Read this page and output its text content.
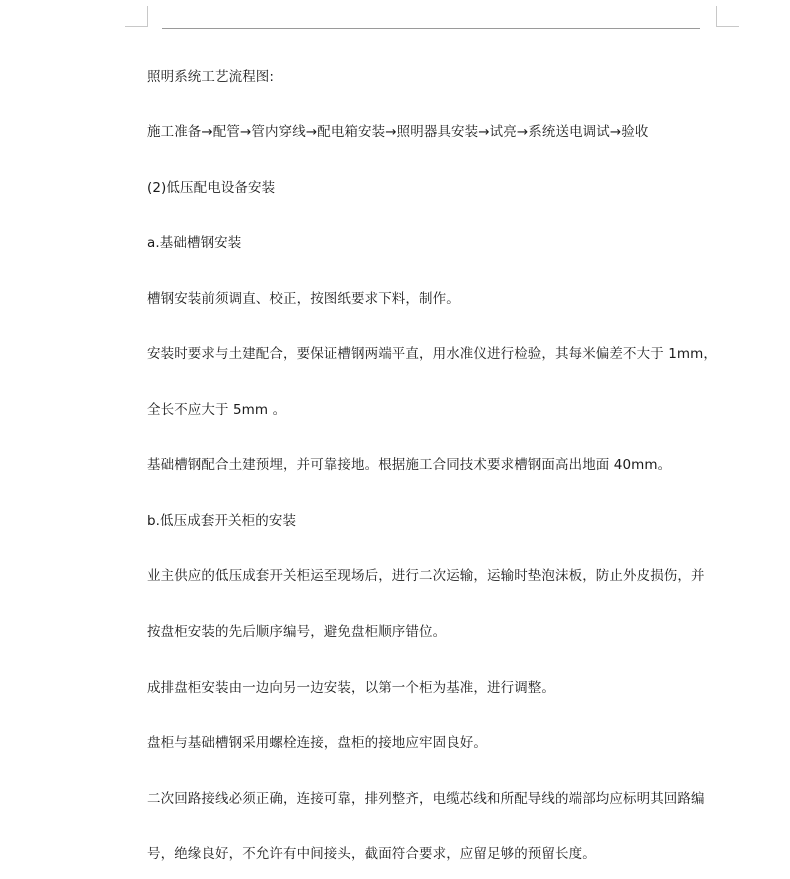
照明系统工艺流程图:

施工准备→配管→管内穿线→配电箱安装→照明器具安装→试亮→系统送电调试→验收

(2)低压配电设备安装

a.基础槽钢安装

槽钢安装前须调直、校正，按图纸要求下料，制作。

安装时要求与土建配合，要保证槽钢两端平直，用水准仪进行检验，其每米偏差不大于 1mm，

全长不应大于 5mm 。

基础槽钢配合土建预埋，并可靠接地。根据施工合同技术要求槽钢面高出地面 40mm。

b.低压成套开关柜的安装

业主供应的低压成套开关柜运至现场后，进行二次运输，运输时垫泡沫板，防止外皮损伤，并

按盘柜安装的先后顺序编号，避免盘柜顺序错位。

成排盘柜安装由一边向另一边安装，以第一个柜为基准，进行调整。

盘柜与基础槽钢采用螺栓连接，盘柜的接地应牢固良好。

二次回路接线必须正确，连接可靠，排列整齐，电缆芯线和所配导线的端部均应标明其回路编

号，绝缘良好，不允许有中间接头，截面符合要求，应留足够的预留长度。
